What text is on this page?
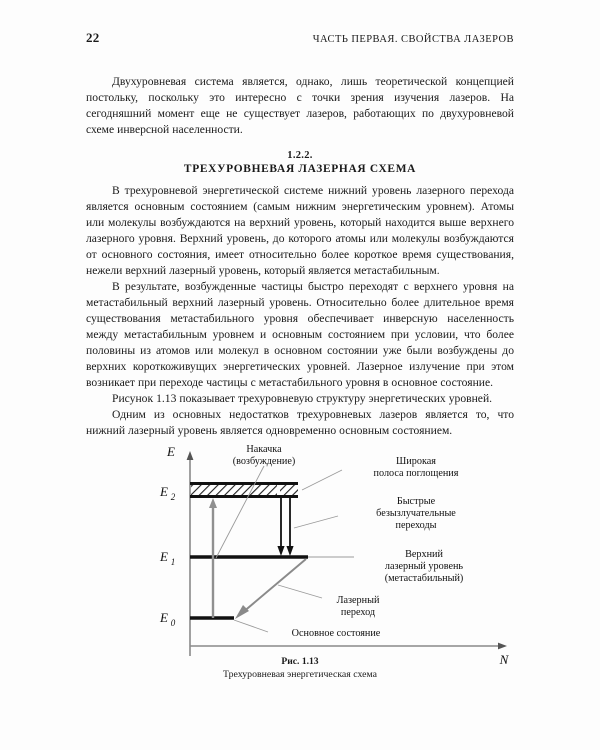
22	ЧАСТЬ ПЕРВАЯ. СВОЙСТВА ЛАЗЕРОВ

Двухуровневая система является, однако, лишь теоретической концепцией постольку, поскольку это интересно с точки зрения изучения лазеров. На сегодняшний момент еще не существует лазеров, работающих по двухуровневой схеме инверсной населенности.

1.2.2.
ТРЕХУРОВНЕВАЯ ЛАЗЕРНАЯ СХЕМА

В трехуровневой энергетической системе нижний уровень лазерного перехода является основным состоянием (самым нижним энергетическим уровнем). Атомы или молекулы возбуждаются на верхний уровень, который находится выше верхнего лазерного уровня. Верхний уровень, до которого атомы или молекулы возбуждаются от основного состояния, имеет относительно более короткое время существования, нежели верхний лазерный уровень, который является метастабильным.

В результате, возбужденные частицы быстро переходят с верхнего уровня на метастабильный верхний лазерный уровень. Относительно более длительное время существования метастабильного уровня обеспечивает инверсную населенность между метастабильным уровнем и основным состоянием при условии, что более половины из атомов или молекул в основном состоянии уже были возбуждены до верхних короткоживущих энергетических уровней. Лазерное излучение при этом возникает при переходе частицы с метастабильного уровня в основное состояние.

Рисунок 1.13 показывает трехуровневую структуру энергетических уровней.

Одним из основных недостатков трехуровневых лазеров является то, что нижний лазерный уровень является одновременно основным состоянием.

E 2
E 1
E 0
Накачка
(возбуждение)	Широкая
полоса поглощения
Быстрые
безызлучательные
переходы
Верхний
лазерный уровень
(метастабильный)
Лазерный
переход
Основное состояние
E
N
Рис. 1.13
Трехуровневая энергетическая схема
